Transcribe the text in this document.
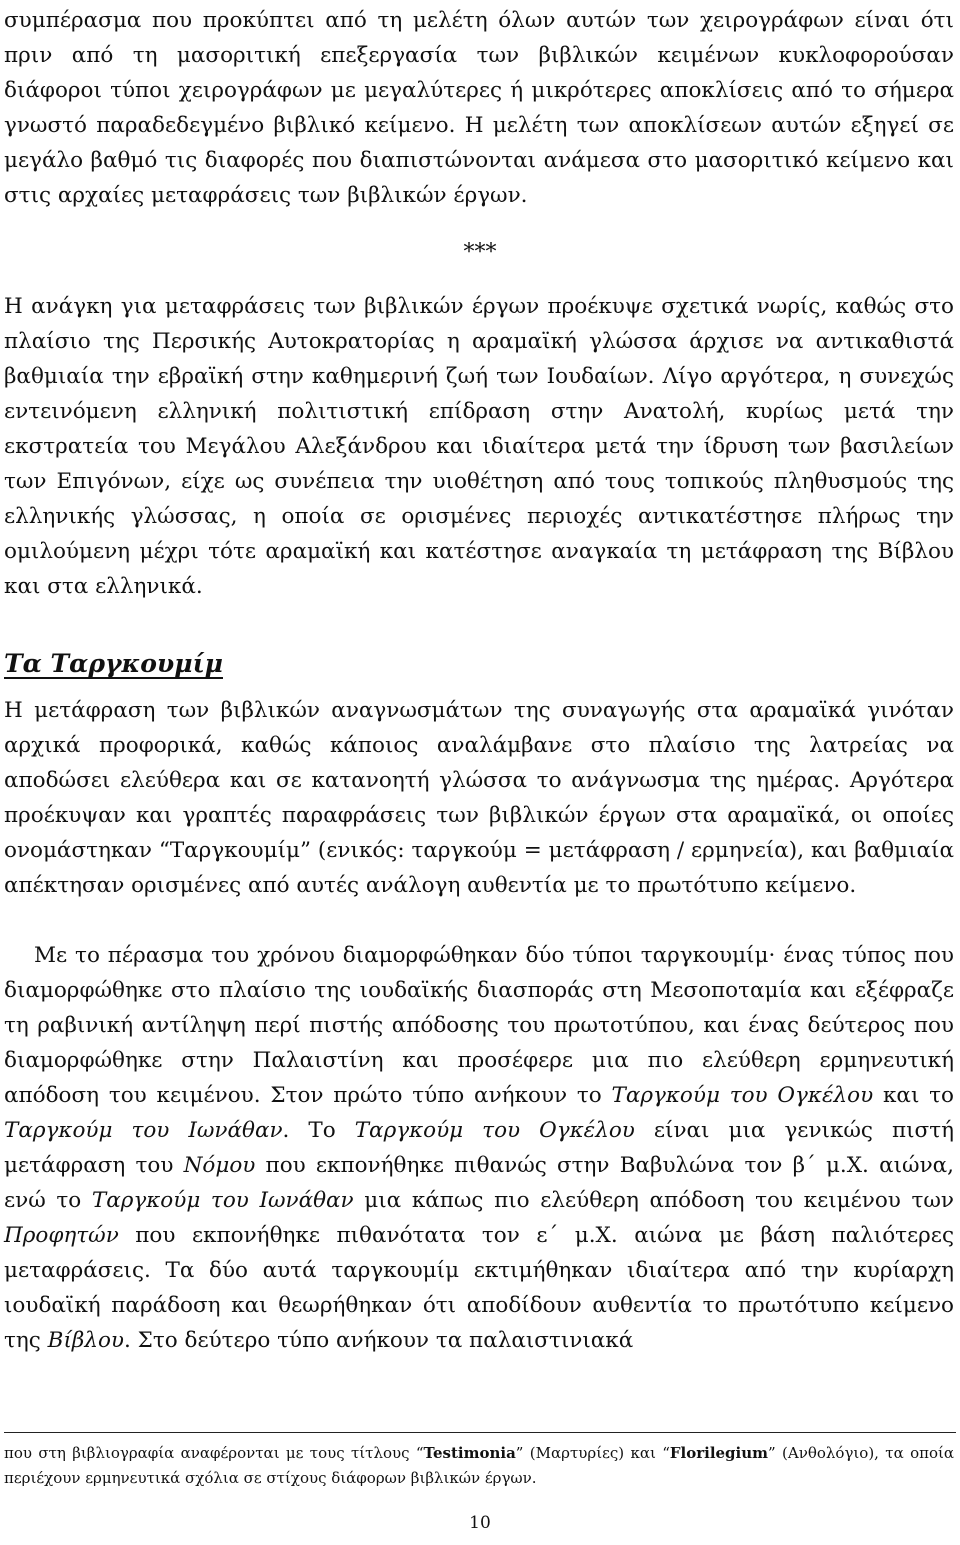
συμπέρασμα που προκύπτει από τη μελέτη όλων αυτών των χειρογράφων είναι ότι πριν από τη μασοριτική επεξεργασία των βιβλικών κειμένων κυκλοφορούσαν διάφοροι τύποι χειρογράφων με μεγαλύτερες ή μικρότερες αποκλίσεις από το σήμερα γνωστό παραδεδεγμένο βιβλικό κείμενο. Η μελέτη των αποκλίσεων αυτών εξηγεί σε μεγάλο βαθμό τις διαφορές που διαπιστώνονται ανάμεσα στο μασοριτικό κείμενο και στις αρχαίες μεταφράσεις των βιβλικών έργων.

***

Η ανάγκη για μεταφράσεις των βιβλικών έργων προέκυψε σχετικά νωρίς, καθώς στο πλαίσιο της Περσικής Αυτοκρατορίας η αραμαϊκή γλώσσα άρχισε να αντικαθιστά βαθμιαία την εβραϊκή στην καθημερινή ζωή των Ιουδαίων. Λίγο αργότερα, η συνεχώς εντεινόμενη ελληνική πολιτιστική επίδραση στην Ανατολή, κυρίως μετά την εκστρατεία του Μεγάλου Αλεξάνδρου και ιδιαίτερα μετά την ίδρυση των βασιλείων των Επιγόνων, είχε ως συνέπεια την υιοθέτηση από τους τοπικούς πληθυσμούς της ελληνικής γλώσσας, η οποία σε ορισμένες περιοχές αντικατέστησε πλήρως την ομιλούμενη μέχρι τότε αραμαϊκή και κατέστησε αναγκαία τη μετάφραση της Βίβλου και στα ελληνικά.

Τα Ταργκουμίμ

Η μετάφραση των βιβλικών αναγνωσμάτων της συναγωγής στα αραμαϊκά γινόταν αρχικά προφορικά, καθώς κάποιος αναλάμβανε στο πλαίσιο της λατρείας να αποδώσει ελεύθερα και σε κατανοητή γλώσσα το ανάγνωσμα της ημέρας. Αργότερα προέκυψαν και γραπτές παραφράσεις των βιβλικών έργων στα αραμαϊκά, οι οποίες ονομάστηκαν “Ταργκουμίμ” (ενικός: ταργκούμ = μετάφραση / ερμηνεία), και βαθμιαία απέκτησαν ορισμένες από αυτές ανάλογη αυθεντία με το πρωτότυπο κείμενο.

Με το πέρασμα του χρόνου διαμορφώθηκαν δύο τύποι ταργκουμίμ· ένας τύπος που διαμορφώθηκε στο πλαίσιο της ιουδαϊκής διασποράς στη Μεσοποταμία και εξέφραζε τη ραβινική αντίληψη περί πιστής απόδοσης του πρωτοτύπου, και ένας δεύτερος που διαμορφώθηκε στην Παλαιστίνη και προσέφερε μια πιο ελεύθερη ερμηνευτική απόδοση του κειμένου. Στον πρώτο τύπο ανήκουν το Ταργκούμ του Ογκέλου και το Ταργκούμ του Ιωνάθαν. Το Ταργκούμ του Ογκέλου είναι μια γενικώς πιστή μετάφραση του Νόμου που εκπονήθηκε πιθανώς στην Βαβυλώνα τον β΄ μ.Χ. αιώνα, ενώ το Ταργκούμ του Ιωνάθαν μια κάπως πιο ελεύθερη απόδοση του κειμένου των Προφητών που εκπονήθηκε πιθανότατα τον ε΄ μ.Χ. αιώνα με βάση παλιότερες μεταφράσεις. Τα δύο αυτά ταργκουμίμ εκτιμήθηκαν ιδιαίτερα από την κυρίαρχη ιουδαϊκή παράδοση και θεωρήθηκαν ότι αποδίδουν αυθεντία το πρωτότυπο κείμενο της Βίβλου. Στο δεύτερο τύπο ανήκουν τα παλαιστινιακά

που στη βιβλιογραφία αναφέρονται με τους τίτλους “Testimonia” (Μαρτυρίες) και “Florilegium” (Ανθολόγιο), τα οποία περιέχουν ερμηνευτικά σχόλια σε στίχους διάφορων βιβλικών έργων.

10
